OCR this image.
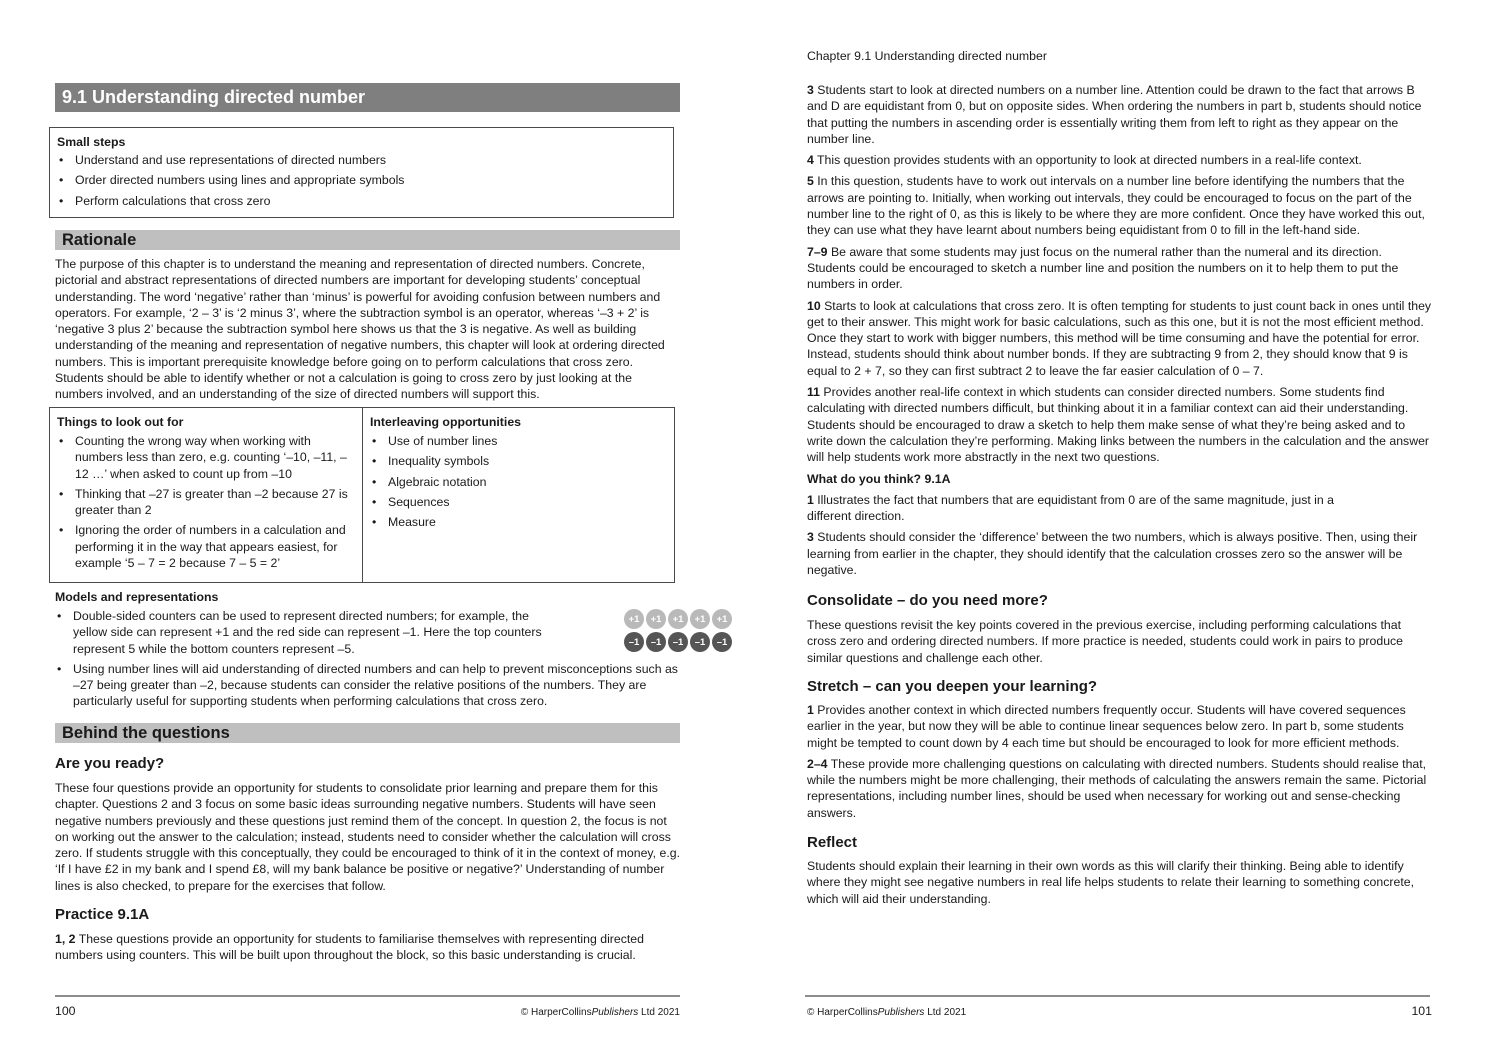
9.1 Understanding directed number
Small steps
• Understand and use representations of directed numbers
• Order directed numbers using lines and appropriate symbols
• Perform calculations that cross zero
Rationale

The purpose of this chapter is to understand the meaning and representation of directed numbers. Concrete, pictorial and abstract representations of directed numbers are important for developing students’ conceptual understanding. The word ‘negative’ rather than ‘minus’ is powerful for avoiding confusion between numbers and operators. For example, ‘2 – 3’ is ‘2 minus 3’, where the subtraction symbol is an operator, whereas ‘–3 + 2’ is ‘negative 3 plus 2’ because the subtraction symbol here shows us that the 3 is negative. As well as building understanding of the meaning and representation of negative numbers, this chapter will look at ordering directed numbers. This is important prerequisite knowledge before going on to perform calculations that cross zero. Students should be able to identify whether or not a calculation is going to cross zero by just looking at the numbers involved, and an understanding of the size of directed numbers will support this.

Things to look out for
• Counting the wrong way when working with numbers less than zero, e.g. counting ‘–10, –11, –12 …’ when asked to count up from –10
• Thinking that –27 is greater than –2 because 27 is greater than 2
• Ignoring the order of numbers in a calculation and performing it in the way that appears easiest, for example ‘5 – 7 = 2 because 7 – 5 = 2’
Interleaving opportunities
• Use of number lines
• Inequality symbols
• Algebraic notation
• Sequences
• Measure
Models and representations
• Double-sided counters can be used to represent directed numbers; for example, the yellow side can represent +1 and the red side can represent –1. Here the top counters represent 5 while the bottom counters represent –5.
• Using number lines will aid understanding of directed numbers and can help to prevent misconceptions such as –27 being greater than –2, because students can consider the relative positions of the numbers. They are particularly useful for supporting students when performing calculations that cross zero.
+1	+1	+1	+1	+1
–1	–1	–1	–1	–1
Behind the questions
Are you ready?

These four questions provide an opportunity for students to consolidate prior learning and prepare them for this chapter. Questions 2 and 3 focus on some basic ideas surrounding negative numbers. Students will have seen negative numbers previously and these questions just remind them of the concept. In question 2, the focus is not on working out the answer to the calculation; instead, students need to consider whether the calculation will cross zero. If students struggle with this conceptually, they could be encouraged to think of it in the context of money, e.g. ‘If I have £2 in my bank and I spend £8, will my bank balance be positive or negative?’ Understanding of number lines is also checked, to prepare for the exercises that follow.

Practice 9.1A

1, 2 These questions provide an opportunity for students to familiarise themselves with representing directed numbers using counters. This will be built upon throughout the block, so this basic understanding is crucial.

100	© HarperCollinsPublishers Ltd 2021
Chapter 9.1 Understanding directed number

3 Students start to look at directed numbers on a number line. Attention could be drawn to the fact that arrows B and D are equidistant from 0, but on opposite sides. When ordering the numbers in part b, students should notice that putting the numbers in ascending order is essentially writing them from left to right as they appear on the number line.

4 This question provides students with an opportunity to look at directed numbers in a real-life context.

5 In this question, students have to work out intervals on a number line before identifying the numbers that the arrows are pointing to. Initially, when working out intervals, they could be encouraged to focus on the part of the number line to the right of 0, as this is likely to be where they are more confident. Once they have worked this out, they can use what they have learnt about numbers being equidistant from 0 to fill in the left-hand side.

7–9 Be aware that some students may just focus on the numeral rather than the numeral and its direction. Students could be encouraged to sketch a number line and position the numbers on it to help them to put the numbers in order.

10 Starts to look at calculations that cross zero. It is often tempting for students to just count back in ones until they get to their answer. This might work for basic calculations, such as this one, but it is not the most efficient method. Once they start to work with bigger numbers, this method will be time consuming and have the potential for error. Instead, students should think about number bonds. If they are subtracting 9 from 2, they should know that 9 is equal to 2 + 7, so they can first subtract 2 to leave the far easier calculation of 0 – 7.

11 Provides another real-life context in which students can consider directed numbers. Some students find calculating with directed numbers difficult, but thinking about it in a familiar context can aid their understanding. Students should be encouraged to draw a sketch to help them make sense of what they’re being asked and to write down the calculation they’re performing. Making links between the numbers in the calculation and the answer will help students work more abstractly in the next two questions.

What do you think? 9.1A

1 Illustrates the fact that numbers that are equidistant from 0 are of the same magnitude, just in a different direction.

3 Students should consider the ‘difference’ between the two numbers, which is always positive. Then, using their learning from earlier in the chapter, they should identify that the calculation crosses zero so the answer will be negative.

Consolidate – do you need more?

These questions revisit the key points covered in the previous exercise, including performing calculations that cross zero and ordering directed numbers. If more practice is needed, students could work in pairs to produce similar questions and challenge each other.

Stretch – can you deepen your learning?

1 Provides another context in which directed numbers frequently occur. Students will have covered sequences earlier in the year, but now they will be able to continue linear sequences below zero. In part b, some students might be tempted to count down by 4 each time but should be encouraged to look for more efficient methods.

2–4 These provide more challenging questions on calculating with directed numbers. Students should realise that, while the numbers might be more challenging, their methods of calculating the answers remain the same. Pictorial representations, including number lines, should be used when necessary for working out and sense-checking answers.

Reflect

Students should explain their learning in their own words as this will clarify their thinking. Being able to identify where they might see negative numbers in real life helps students to relate their learning to something concrete, which will aid their understanding.

© HarperCollinsPublishers Ltd 2021	101
